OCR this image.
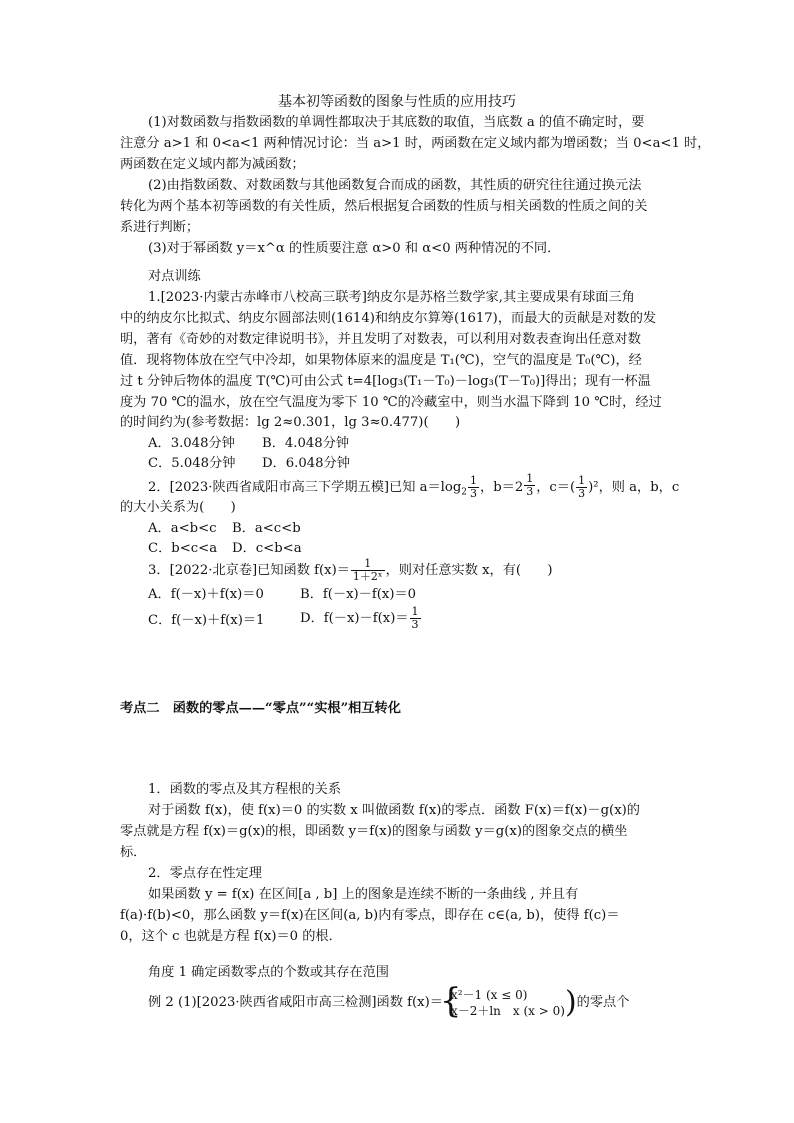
基本初等函数的图象与性质的应用技巧
(1)对数函数与指数函数的单调性都取决于其底数的取值，当底数 a 的值不确定时，要
注意分 a>1 和 0<a<1 两种情况讨论：当 a>1 时，两函数在定义域内都为增函数；当 0<a<1 时，
两函数在定义域内都为减函数；
(2)由指数函数、对数函数与其他函数复合而成的函数，其性质的研究往往通过换元法
转化为两个基本初等函数的有关性质，然后根据复合函数的性质与相关函数的性质之间的关
系进行判断；
(3)对于幂函数 y＝x^α 的性质要注意 α>0 和 α<0 两种情况的不同．
对点训练
1.[2023·内蒙古赤峰市八校高三联考]纳皮尔是苏格兰数学家,其主要成果有球面三角
中的纳皮尔比拟式、纳皮尔圆部法则(1614)和纳皮尔算筹(1617)，而最大的贡献是对数的发
明，著有《奇妙的对数定律说明书》，并且发明了对数表，可以利用对数表查询出任意对数
值．现将物体放在空气中冷却，如果物体原来的温度是 T₁(℃)，空气的温度是 T₀(℃)，经
过 t 分钟后物体的温度 T(℃)可由公式 t=4[log₃(T₁－T₀)－log₃(T－T₀)]得出；现有一杯温
度为 70 ℃的温水，放在空气温度为零下 10 ℃的冷藏室中，则当水温下降到 10 ℃时，经过
的时间约为(参考数据：lg 2≈0.301，lg 3≈0.477)(　　)
A．3.048分钟 B．4.048分钟
C．5.048分钟 D．6.048分钟
2．[2023·陕西省咸阳市高三下学期五模]已知 $a=\log_2 \frac{1}{3}$ ，$b=2 \frac{1}{3}$ ，$c=( \frac{1}{3} )^2$，则 a，b，c
的大小关系为(　　)
A．a<b<c B．a<c<b
C．b<c<a D．c<b<a
3．[2022·北京卷]已知函数 $f(x)= \frac{1}{\text{1＋2ˣ}}$ ，则对任意实数 x，有(　　)
A．f(－x)＋f(x)＝0	B．f(－x)－f(x)＝0
C．f(－x)＋f(x)＝1	D．$f(-x)-f(x)= \frac{1}{3}$
考点二　函数的零点——“零点”“实根”相互转化
1．函数的零点及其方程根的关系
对于函数 f(x)，使 f(x)＝0 的实数 x 叫做函数 f(x)的零点．函数 F(x)＝f(x)－g(x)的
零点就是方程 f(x)＝g(x)的根，即函数 y＝f(x)的图象与函数 y＝g(x)的图象交点的横坐
标．
2．零点存在性定理
如果函数 y = f(x) 在区间[a , b] 上的图象是连续不断的一条曲线 , 并且有
f(a)·f(b)<0，那么函数 y＝f(x)在区间(a, b)内有零点，即存在 c∈(a, b)，使得 f(c)＝
0，这个 c 也就是方程 f(x)＝0 的根．
角度 1 确定函数零点的个数或其存在范围
例 2 (1)[2023·陕西省咸阳市高三检测]函数 f(x)＝
{ x²－1 (x ≤ 0)
x－2＋ln　x (x > 0) )的零点个
